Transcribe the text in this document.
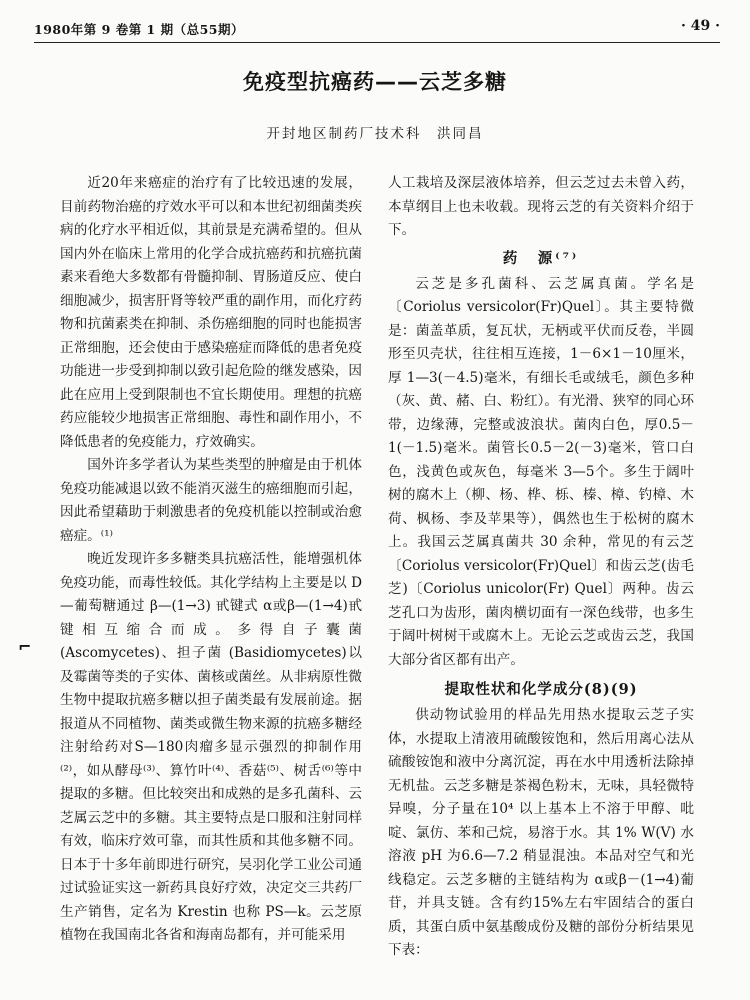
1980年第 9 卷第 1 期（总55期）	· 49 ·
免疫型抗癌药——云芝多糖
开封地区制药厂技术科　洪同昌
⌐

近20年来癌症的治疗有了比较迅速的发展，目前药物治癌的疗效水平可以和本世纪初细菌类疾病的化疗水平相近似，其前景是充满希望的。但从国内外在临床上常用的化学合成抗癌药和抗癌抗菌素来看绝大多数都有骨髓抑制、胃肠道反应、使白细胞减少，损害肝肾等较严重的副作用，而化疗药物和抗菌素类在抑制、杀伤癌细胞的同时也能损害正常细胞，还会使由于感染癌症而降低的患者免疫功能进一步受到抑制以致引起危险的继发感染，因此在应用上受到限制也不宜长期使用。理想的抗癌药应能较少地损害正常细胞、毒性和副作用小，不降低患者的免疫能力，疗效确实。

国外许多学者认为某些类型的肿瘤是由于机体免疫功能减退以致不能消灭滋生的癌细胞而引起，因此希望藉助于刺激患者的免疫机能以控制或治愈癌症。⁽¹⁾

晚近发现许多多糖类具抗癌活性，能增强机体免疫功能，而毒性较低。其化学结构上主要是以 D—葡萄糖通过 β—(1→3) 甙键式 α或β—(1→4)甙键相互缩合而成。多得自子囊菌 (Ascomycetes)、担子菌 (Basidiomycetes)以及霉菌等类的子实体、菌核或菌丝。从非病原性微生物中提取抗癌多糖以担子菌类最有发展前途。据报道从不同植物、菌类或微生物来源的抗癌多糖经注射给药对S—180肉瘤多显示强烈的抑制作用⁽²⁾，如从酵母⁽³⁾、算竹叶⁽⁴⁾、香菇⁽⁵⁾、树舌⁽⁶⁾等中提取的多糖。但比较突出和成熟的是多孔菌科、云芝属云芝中的多糖。其主要特点是口服和注射同样有效，临床疗效可靠，而其性质和其他多糖不同。日本于十多年前即进行研究，吴羽化学工业公司通过试验证实这一新药具良好疗效，决定交三共药厂生产销售，定名为 Krestin 也称 PS—k。云芝原植物在我国南北各省和海南岛都有，并可能采用

人工栽培及深层液体培养，但云芝过去未曾入药，本草纲目上也未收载。现将云芝的有关资料介绍于下。

药　源⁽⁷⁾

云芝是多孔菌科、云芝属真菌。学名是〔Coriolus versicolor(Fr)Quel〕。其主要特微是：菌盖革质，复瓦状，无柄或平伏而反卷，半圆形至贝壳状，往往相互连接，1－6×1－10厘米，厚 1—3(－4.5)毫米，有细长毛或绒毛，颜色多种（灰、黄、赭、白、粉红）。有光滑、狭窄的同心环带，边缘薄，完整或波浪状。菌肉白色，厚0.5－1(－1.5)毫米。菌管长0.5－2(－3)毫米，管口白色，浅黄色或灰色，每毫米 3—5个。多生于阔叶树的腐木上（柳、杨、桦、栎、榛、樟、钓樟、木荷、枫杨、李及苹果等），偶然也生于松树的腐木上。我国云芝属真菌共 30 余种，常见的有云芝〔Coriolus versicolor(Fr)Quel〕和齿云芝(齿毛芝)〔Coriolus unicolor(Fr) Quel〕两种。齿云芝孔口为齿形，菌肉横切面有一深色线带，也多生于阔叶树树干或腐木上。无论云芝或齿云芝，我国大部分省区都有出产。

提取性状和化学成分(8)(9)

供动物试验用的样品先用热水提取云芝子实体，水提取上清液用硫酸铵饱和，然后用离心法从硫酸铵饱和液中分离沉淀，再在水中用透析法除掉无机盐。云芝多糖是茶褐色粉末，无味，具轻微特异嗅，分子量在10⁴ 以上基本上不溶于甲醇、吡啶、氯仿、苯和己烷，易溶于水。其 1% W(V) 水溶液 pH 为6.6—7.2 稍显混浊。本品对空气和光线稳定。云芝多糖的主链结构为 α或β－(1→4)葡苷，并具支链。含有约15%左右牢固结合的蛋白质，其蛋白质中氨基酸成份及糖的部份分析结果见下表：
